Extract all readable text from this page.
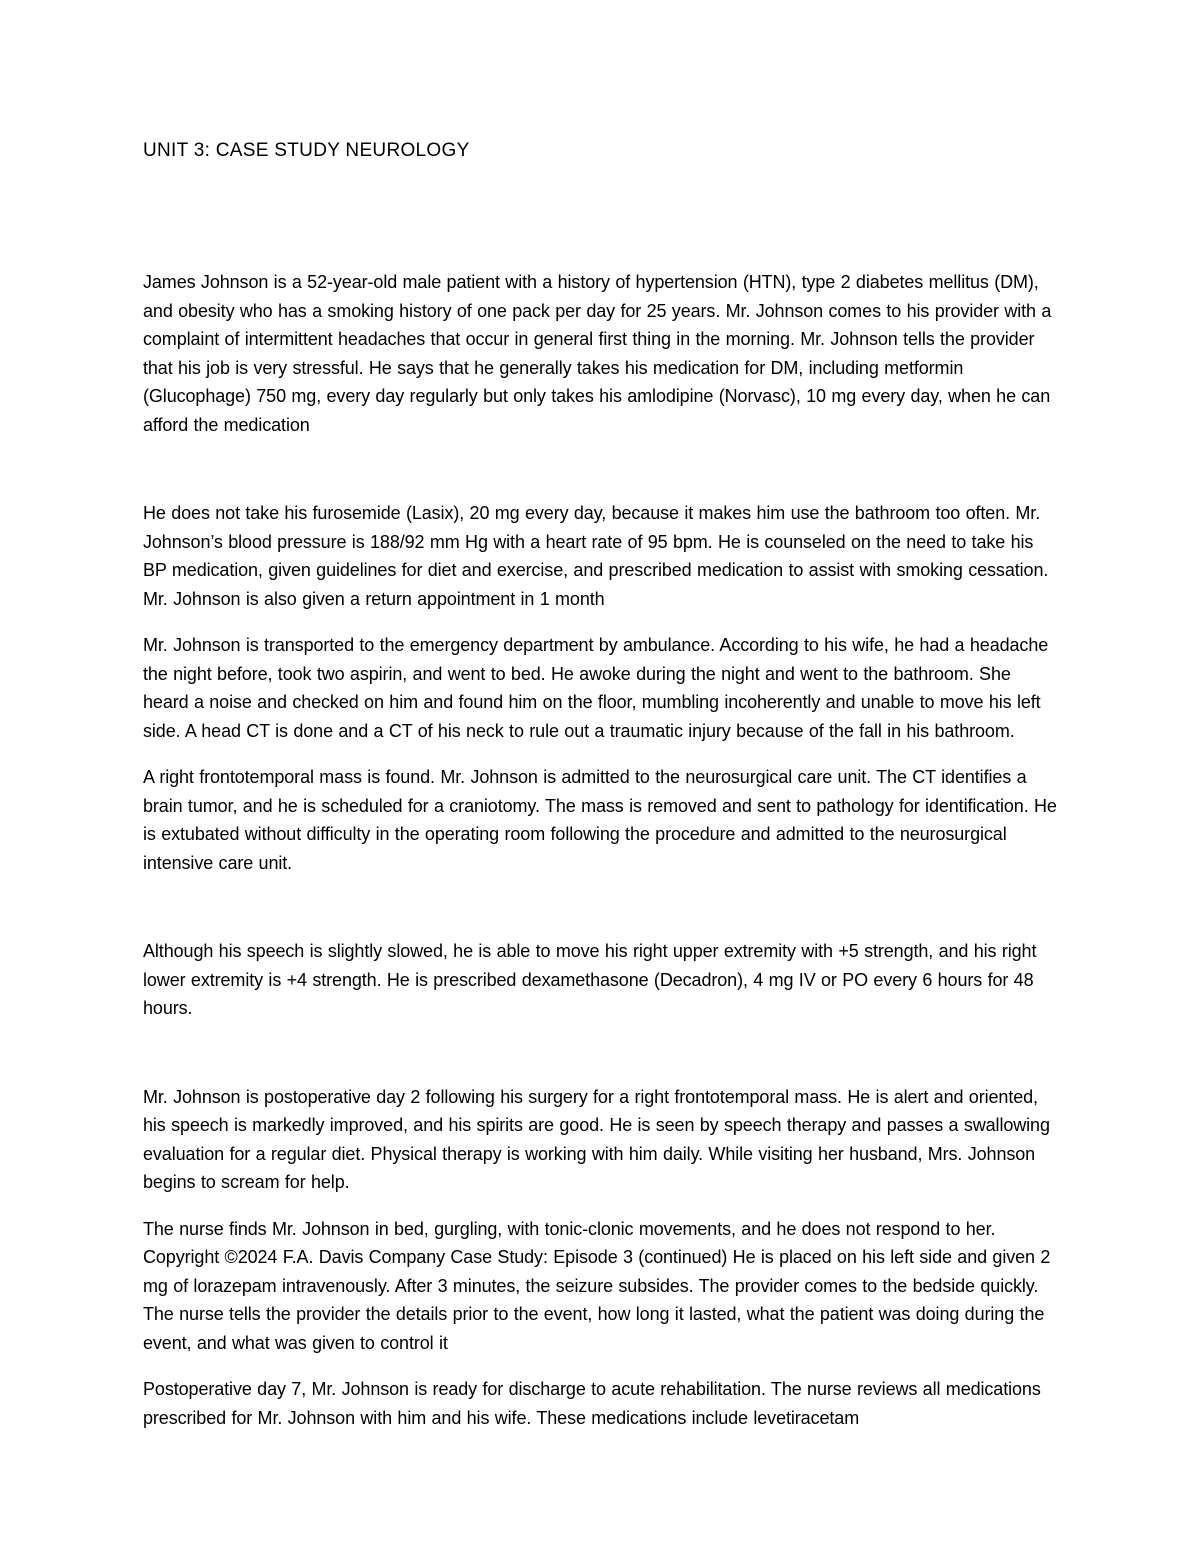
UNIT 3: CASE STUDY NEUROLOGY

James Johnson is a 52-year-old male patient with a history of hypertension (HTN), type 2 diabetes mellitus (DM), and obesity who has a smoking history of one pack per day for 25 years. Mr. Johnson comes to his provider with a complaint of intermittent headaches that occur in general first thing in the morning. Mr. Johnson tells the provider that his job is very stressful. He says that he generally takes his medication for DM, including metformin (Glucophage) 750 mg, every day regularly but only takes his amlodipine (Norvasc), 10 mg every day, when he can afford the medication

He does not take his furosemide (Lasix), 20 mg every day, because it makes him use the bathroom too often. Mr. Johnson’s blood pressure is 188/92 mm Hg with a heart rate of 95 bpm. He is counseled on the need to take his BP medication, given guidelines for diet and exercise, and prescribed medication to assist with smoking cessation. Mr. Johnson is also given a return appointment in 1 month

Mr. Johnson is transported to the emergency department by ambulance. According to his wife, he had a headache the night before, took two aspirin, and went to bed. He awoke during the night and went to the bathroom. She heard a noise and checked on him and found him on the floor, mumbling incoherently and unable to move his left side. A head CT is done and a CT of his neck to rule out a traumatic injury because of the fall in his bathroom.

A right frontotemporal mass is found. Mr. Johnson is admitted to the neurosurgical care unit. The CT identifies a brain tumor, and he is scheduled for a craniotomy. The mass is removed and sent to pathology for identification. He is extubated without difficulty in the operating room following the procedure and admitted to the neurosurgical intensive care unit.

Although his speech is slightly slowed, he is able to move his right upper extremity with +5 strength, and his right lower extremity is +4 strength. He is prescribed dexamethasone (Decadron), 4 mg IV or PO every 6 hours for 48 hours.

Mr. Johnson is postoperative day 2 following his surgery for a right frontotemporal mass. He is alert and oriented, his speech is markedly improved, and his spirits are good. He is seen by speech therapy and passes a swallowing evaluation for a regular diet. Physical therapy is working with him daily. While visiting her husband, Mrs. Johnson begins to scream for help.

The nurse finds Mr. Johnson in bed, gurgling, with tonic-clonic movements, and he does not respond to her. Copyright ©2024 F.A. Davis Company Case Study: Episode 3 (continued) He is placed on his left side and given 2 mg of lorazepam intravenously. After 3 minutes, the seizure subsides. The provider comes to the bedside quickly. The nurse tells the provider the details prior to the event, how long it lasted, what the patient was doing during the event, and what was given to control it

Postoperative day 7, Mr. Johnson is ready for discharge to acute rehabilitation. The nurse reviews all medications prescribed for Mr. Johnson with him and his wife. These medications include levetiracetam
